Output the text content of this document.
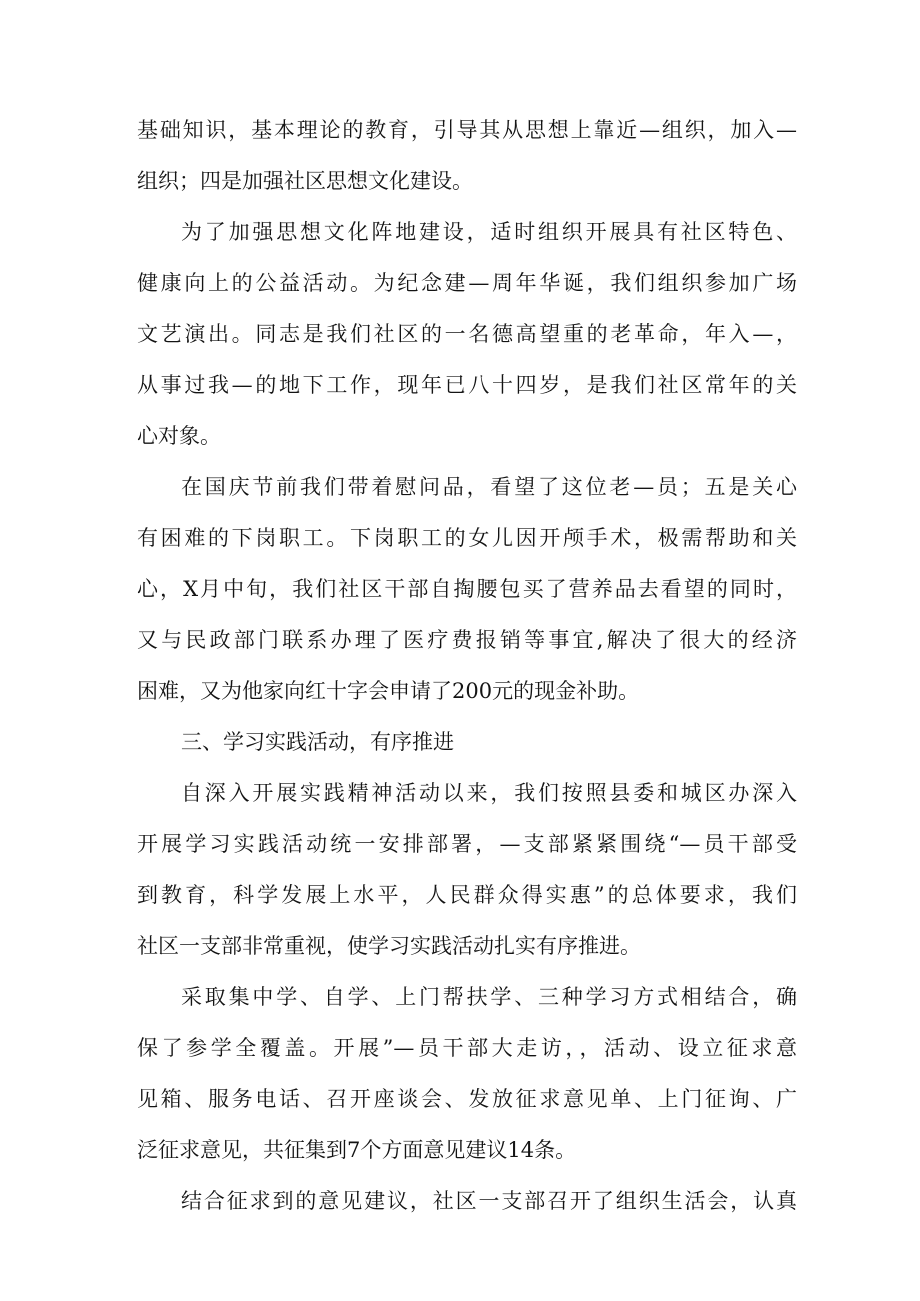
基础知识，基本理论的教育，引导其从思想上靠近—组织，加入—
组织；四是加强社区思想文化建设。
为了加强思想文化阵地建设，适时组织开展具有社区特色、
健康向上的公益活动。为纪念建—周年华诞，我们组织参加广场
文艺演出。同志是我们社区的一名德高望重的老革命，年入—，
从事过我—的地下工作，现年已八十四岁，是我们社区常年的关
心对象。
在国庆节前我们带着慰问品，看望了这位老—员；五是关心
有困难的下岗职工。下岗职工的女儿因开颅手术，极需帮助和关
心，X月中旬，我们社区干部自掏腰包买了营养品去看望的同时，
又与民政部门联系办理了医疗费报销等事宜,解决了很大的经济
困难，又为他家向红十字会申请了200元的现金补助。
三、学习实践活动，有序推进
自深入开展实践精神活动以来，我们按照县委和城区办深入
开展学习实践活动统一安排部署，—支部紧紧围绕“—员干部受
到教育，科学发展上水平，人民群众得实惠”的总体要求，我们
社区一支部非常重视，使学习实践活动扎实有序推进。
采取集中学、自学、上门帮扶学、三种学习方式相结合，确
保了参学全覆盖。开展”—员干部大走访，，活动、设立征求意
见箱、服务电话、召开座谈会、发放征求意见单、上门征询、广
泛征求意见，共征集到7个方面意见建议14条。
结合征求到的意见建议，社区一支部召开了组织生活会，认真
